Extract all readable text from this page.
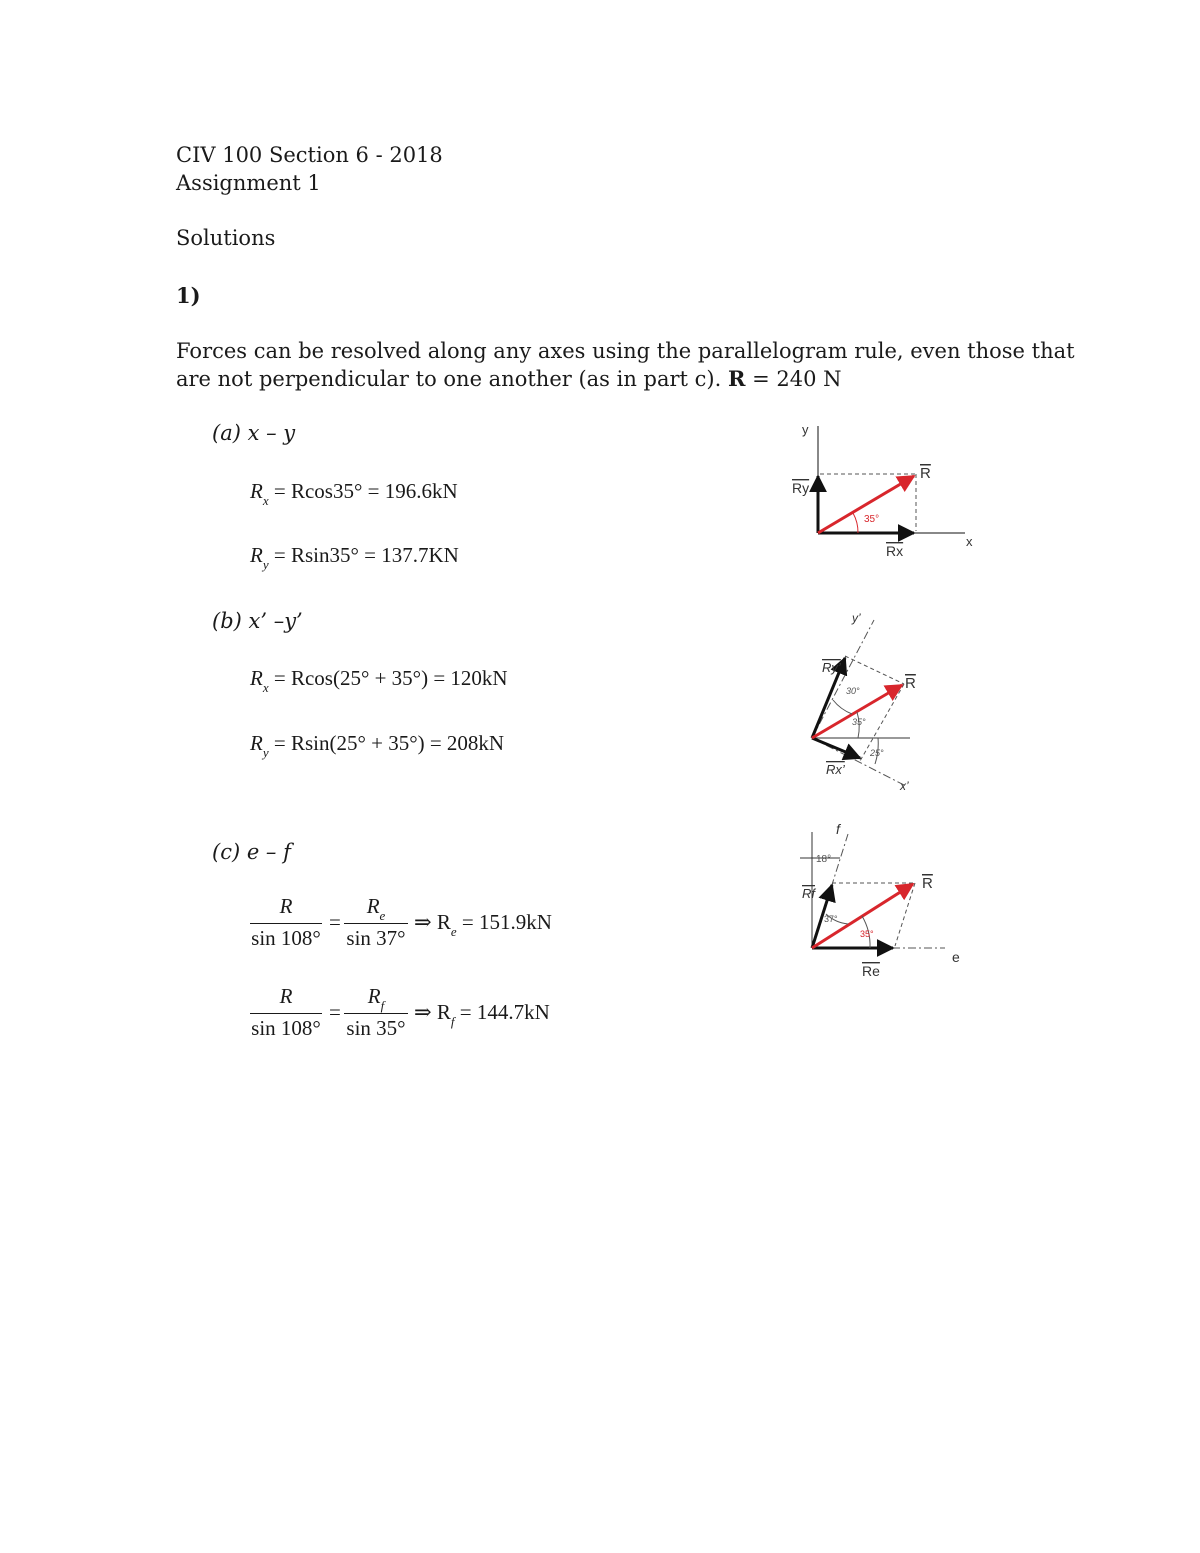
CIV 100 Section 6 - 2018
Assignment 1
Solutions
1)
Forces can be resolved along any axes using the parallelogram rule, even those that
are not perpendicular to one another (as in part c). R = 240 N
(a) x – y
$R_x = Rcos35^\circ = 196.6kN$
$R_y = Rsin35^\circ = 137.7KN$
35°
y
x
R
Rx
Ry
(b) x’ –y’
$R_x = Rcos(25^\circ + 35^\circ) = 120kN$
$R_y = Rsin(25^\circ + 35^\circ) = 208kN$
30°
35°
25°
y’
x’
R
Rx’
Ry’
(c) e – f
R
sin 108°
=
$R_e$
sin 37°
⇒ $R_e = 151.9kN$
R
sin 108°
=
$R_f$
sin 35°
⇒ $R_f = 144.7kN$
18°
37°
35°
f
e
R
Re
Rf
